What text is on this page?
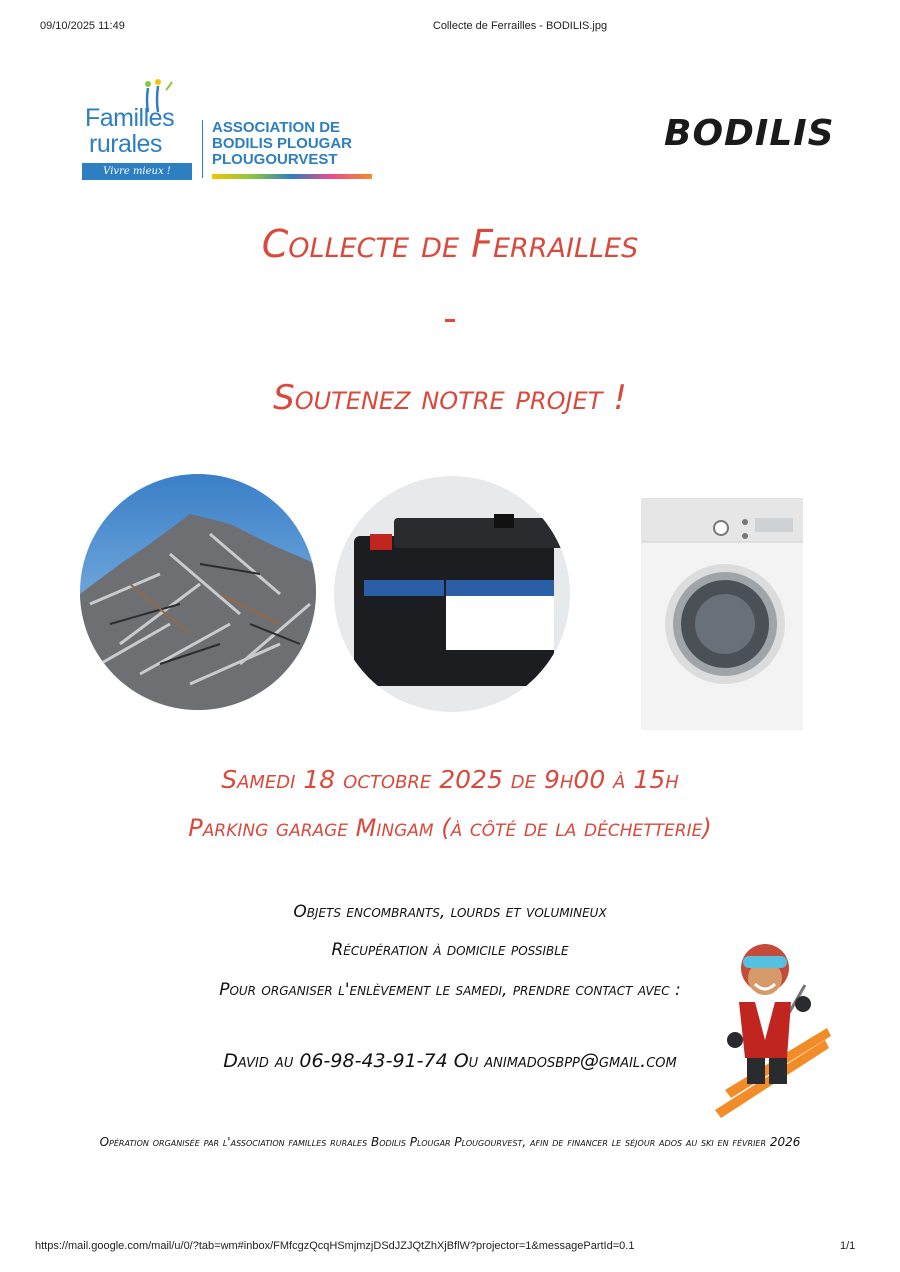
09/10/2025 11:49	Collecte de Ferrailles - BODILIS.jpg
Familles
rurales
Vivre mieux !
ASSOCIATION DE
BODILIS PLOUGAR
PLOUGOURVEST
BODILIS
Collecte de Ferrailles
-
Soutenez notre projet !
Samedi 18 octobre 2025 de 9h00 à 15h
Parking garage Mingam (à côté de la déchetterie)
Objets encombrants, lourds et volumineux
Récupération à domicile possible
Pour organiser l'enlèvement le samedi, prendre contact avec :
David au 06-98-43-91-74 Ou animadosbpp@gmail.com
Opération organisée par l'association familles rurales Bodilis Plougar Plougourvest, afin de financer le séjour ados au ski en février 2026
https://mail.google.com/mail/u/0/?tab=wm#inbox/FMfcgzQcqHSmjmzjDSdJZJQtZhXjBflW?projector=1&messagePartId=0.1	1/1
